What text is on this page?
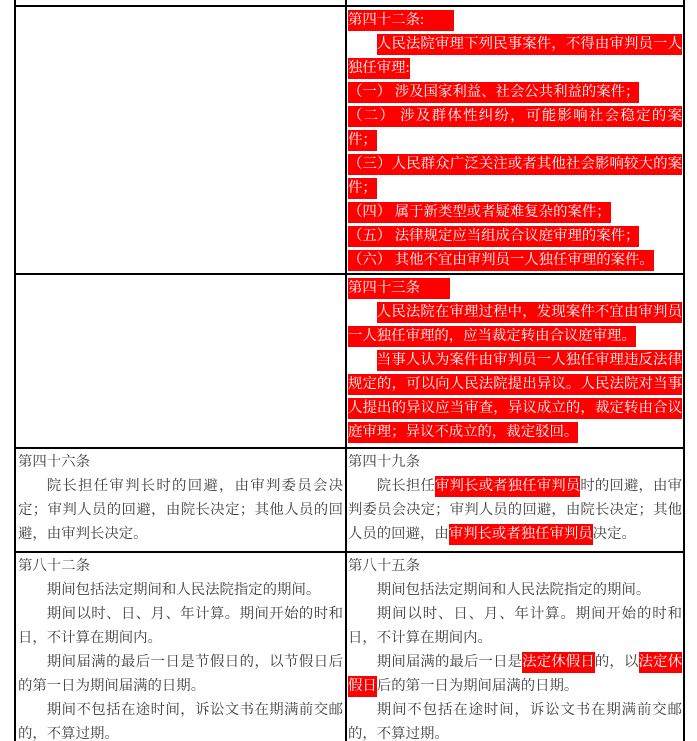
第四十二条:

人民法院审理下列民事案件，不得由审判员一人独任审理:

（一） 涉及国家利益、社会公共利益的案件；

（二） 涉及群体性纠纷，可能影响社会稳定的案件；

（三）人民群众广泛关注或者其他社会影响较大的案件；

（四） 属于新类型或者疑难复杂的案件；

（五） 法律规定应当组成合议庭审理的案件；

（六） 其他不宜由审判员一人独任审理的案件。

第四十三条

人民法院在审理过程中，发现案件不宜由审判员一人独任审理的，应当裁定转由合议庭审理。

当事人认为案件由审判员一人独任审理违反法律规定的，可以向人民法院提出异议。人民法院对当事人提出的异议应当审查，异议成立的，裁定转由合议庭审理；异议不成立的，裁定驳回。

第四十六条

院长担任审判长时的回避，由审判委员会决定；审判人员的回避，由院长决定；其他人员的回避，由审判长决定。

第四十九条

院长担任审判长或者独任审判员时的回避，由审判委员会决定；审判人员的回避，由院长决定；其他人员的回避，由审判长或者独任审判员决定。

第八十二条

期间包括法定期间和人民法院指定的期间。

期间以时、日、月、年计算。期间开始的时和日，不计算在期间内。

期间届满的最后一日是节假日的，以节假日后的第一日为期间届满的日期。

期间不包括在途时间，诉讼文书在期满前交邮的，不算过期。

第八十五条

期间包括法定期间和人民法院指定的期间。

期间以时、日、月、年计算。期间开始的时和日，不计算在期间内。

期间届满的最后一日是法定休假日的，以法定休假日后的第一日为期间届满的日期。

期间不包括在途时间，诉讼文书在期满前交邮的，不算过期。
